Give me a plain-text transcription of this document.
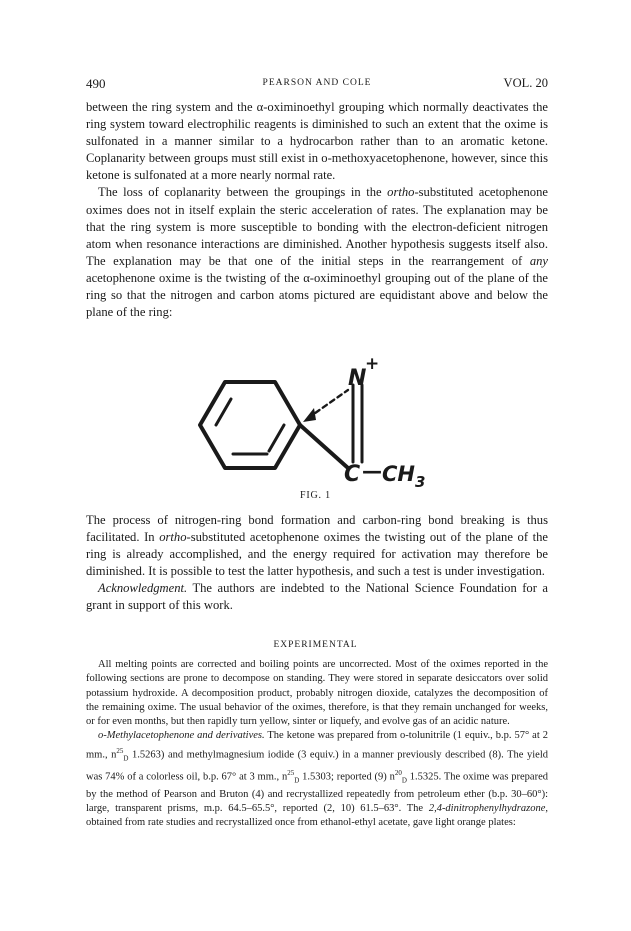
490	PEARSON AND COLE	VOL. 20

between the ring system and the α-oximinoethyl grouping which normally deactivates the ring system toward electrophilic reagents is diminished to such an extent that the oxime is sulfonated in a manner similar to a hydrocarbon rather than to an aromatic ketone. Coplanarity between groups must still exist in o-methoxyacetophenone, however, since this ketone is sulfonated at a more nearly normal rate.

The loss of coplanarity between the groupings in the ortho-substituted acetophenone oximes does not in itself explain the steric acceleration of rates. The explanation may be that the ring system is more susceptible to bonding with the electron-deficient nitrogen atom when resonance interactions are diminished. Another hypothesis suggests itself also. The explanation may be that one of the initial steps in the rearrangement of any acetophenone oxime is the twisting of the α-oximinoethyl grouping out of the plane of the ring so that the nitrogen and carbon atoms pictured are equidistant above and below the plane of the ring:

N
+
C — $CH_3$
FIG. 1

The process of nitrogen-ring bond formation and carbon-ring bond breaking is thus facilitated. In ortho-substituted acetophenone oximes the twisting out of the plane of the ring is already accomplished, and the energy required for activation may therefore be diminished. It is possible to test the latter hypothesis, and such a test is under investigation.

Acknowledgment. The authors are indebted to the National Science Foundation for a grant in support of this work.

EXPERIMENTAL

All melting points are corrected and boiling points are uncorrected. Most of the oximes reported in the following sections are prone to decompose on standing. They were stored in separate desiccators over solid potassium hydroxide. A decomposition product, probably nitrogen dioxide, catalyzes the decomposition of the remaining oxime. The usual behavior of the oximes, therefore, is that they remain unchanged for weeks, or for even months, but then rapidly turn yellow, sinter or liquefy, and evolve gas of an acidic nature.

o-Methylacetophenone and derivatives. The ketone was prepared from o-tolunitrile (1 equiv., b.p. 57° at 2 mm., $n^{25}_D$ 1.5263) and methylmagnesium iodide (3 equiv.) in a manner previously described (8). The yield was 74% of a colorless oil, b.p. 67° at 3 mm., $n^{25}_D$ 1.5303; reported (9) $n^{20}_D$ 1.5325. The oxime was prepared by the method of Pearson and Bruton (4) and recrystallized repeatedly from petroleum ether (b.p. 30–60°): large, transparent prisms, m.p. 64.5–65.5°, reported (2, 10) 61.5–63°. The 2,4-dinitrophenylhydrazone, obtained from rate studies and recrystallized once from ethanol-ethyl acetate, gave light orange plates:
